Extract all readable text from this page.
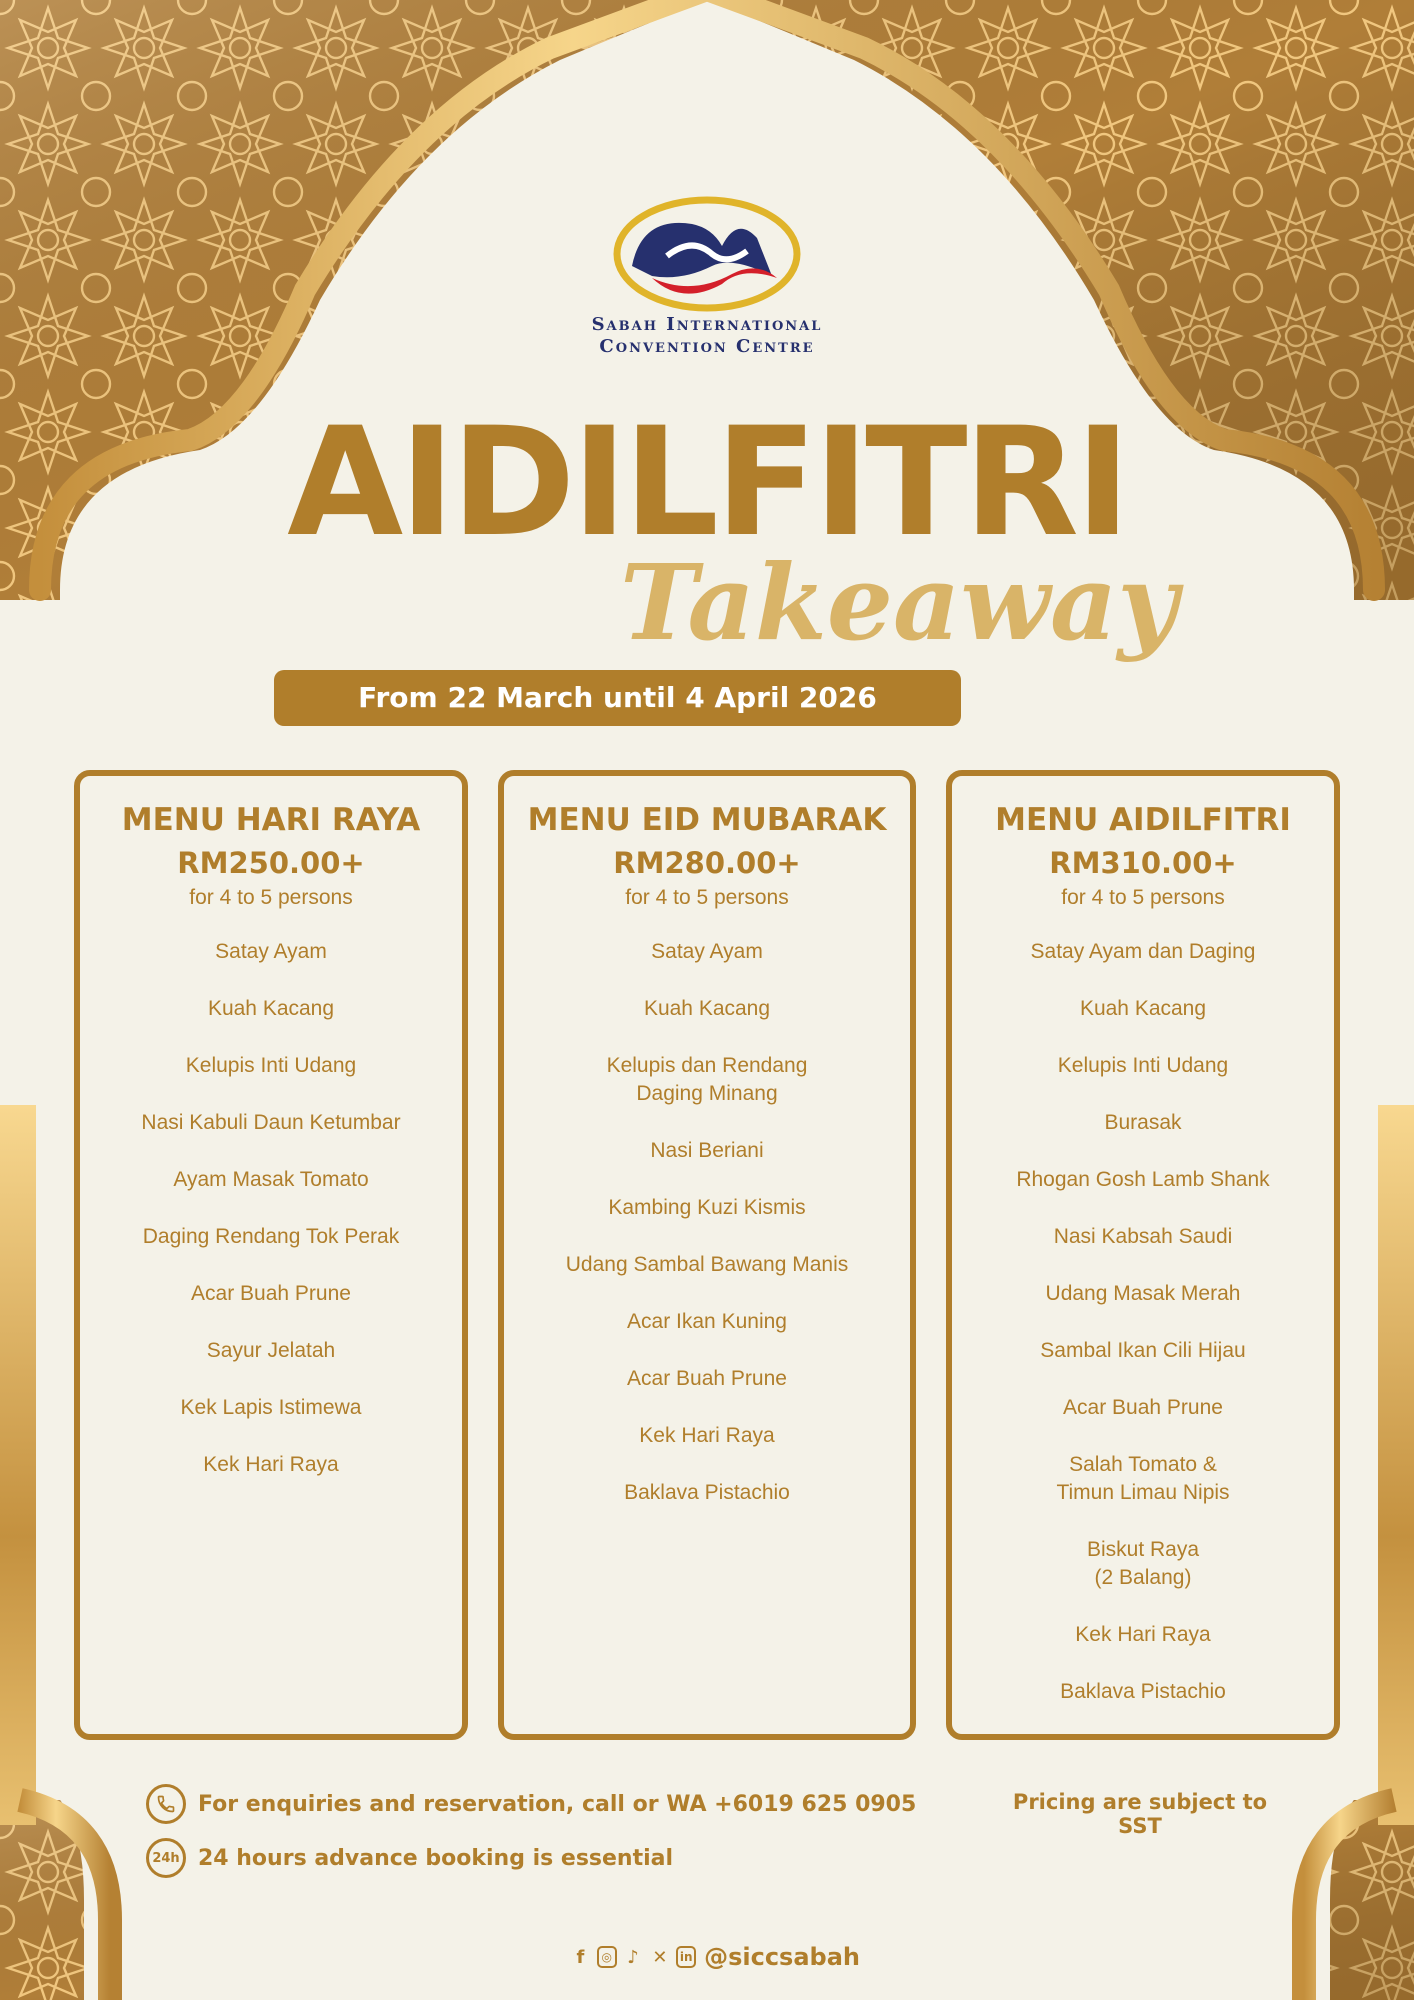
Sabah International
Convention Centre
AIDILFITRI
Takeaway
From 22 March until 4 April 2026
MENU HARI RAYA
RM250.00+
for 4 to 5 persons
Satay Ayam
Kuah Kacang
Kelupis Inti Udang
Nasi Kabuli Daun Ketumbar
Ayam Masak Tomato
Daging Rendang Tok Perak
Acar Buah Prune
Sayur Jelatah
Kek Lapis Istimewa
Kek Hari Raya
MENU EID MUBARAK
RM280.00+
for 4 to 5 persons
Satay Ayam
Kuah Kacang
Kelupis dan Rendang
Daging Minang
Nasi Beriani
Kambing Kuzi Kismis
Udang Sambal Bawang Manis
Acar Ikan Kuning
Acar Buah Prune
Kek Hari Raya
Baklava Pistachio
MENU AIDILFITRI
RM310.00+
for 4 to 5 persons
Satay Ayam dan Daging
Kuah Kacang
Kelupis Inti Udang
Burasak
Rhogan Gosh Lamb Shank
Nasi Kabsah Saudi
Udang Masak Merah
Sambal Ikan Cili Hijau
Acar Buah Prune
Salah Tomato &
Timun Limau Nipis
Biskut Raya
(2 Balang)
Kek Hari Raya
Baklava Pistachio
For enquiries and reservation, call or WA +6019 625 0905
24h 24 hours advance booking is essential
Pricing are subject to SST
f	◎ ♪ ✕ in @siccsabah
